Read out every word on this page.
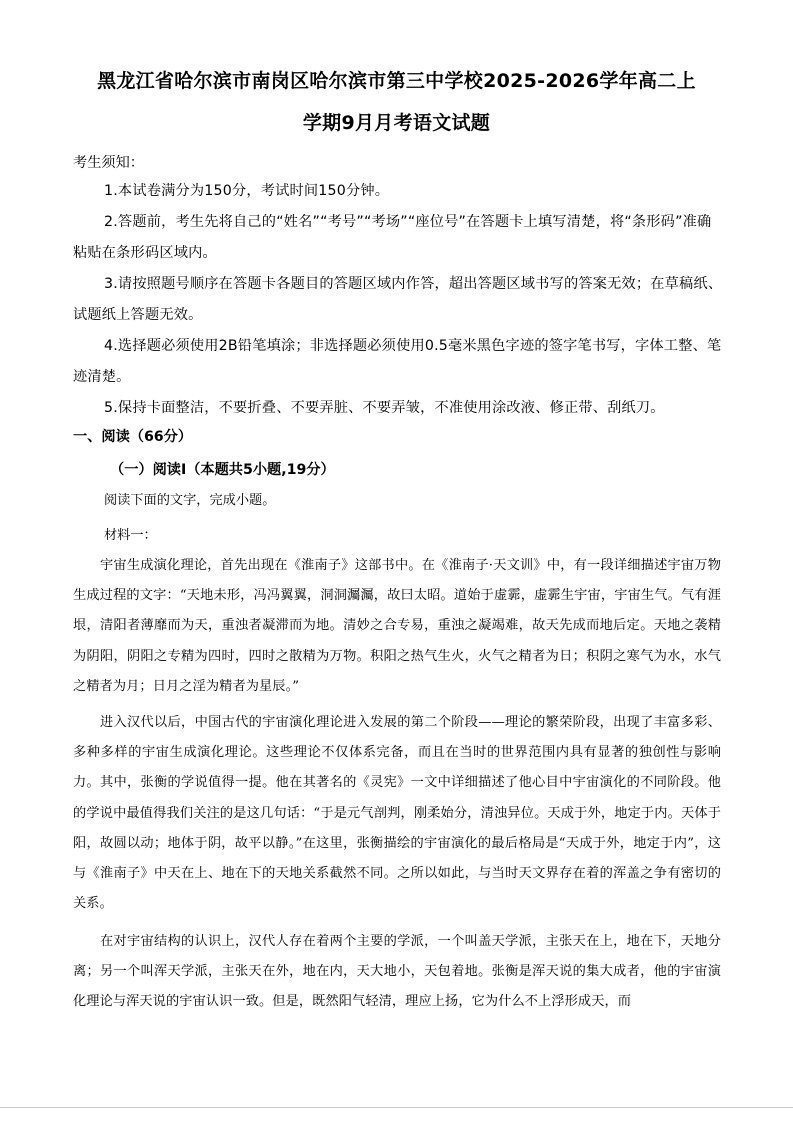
黑龙江省哈尔滨市南岗区哈尔滨市第三中学校2025-2026学年高二上
学期9月月考语文试题
考生须知：
1.本试卷满分为150分，考试时间150分钟。
2.答题前，考生先将自己的“姓名”“考号”“考场”“座位号”在答题卡上填写清楚，将“条形码”准确粘贴在条形码区域内。
3.请按照题号顺序在答题卡各题目的答题区域内作答，超出答题区域书写的答案无效；在草稿纸、试题纸上答题无效。
4.选择题必须使用2B铅笔填涂；非选择题必须使用0.5毫米黑色字迹的签字笔书写，字体工整、笔迹清楚。
5.保持卡面整洁，不要折叠、不要弄脏、不要弄皱，不准使用涂改液、修正带、刮纸刀。
一、阅读（66分）
（一）阅读Ⅰ（本题共5小题,19分）
阅读下面的文字，完成小题。
材料一：
宇宙生成演化理论，首先出现在《淮南子》这部书中。在《淮南子·天文训》中，有一段详细描述宇宙万物生成过程的文字：“天地未形，冯冯翼翼，洞洞灟灟，故曰太昭。道始于虚霩，虚霩生宇宙，宇宙生气。气有涯垠，清阳者薄靡而为天，重浊者凝滞而为地。清妙之合专易，重浊之凝竭难，故天先成而地后定。天地之袭精为阴阳，阴阳之专精为四时，四时之散精为万物。积阳之热气生火，火气之精者为日；积阴之寒气为水，水气之精者为月；日月之淫为精者为星辰。”
进入汉代以后，中国古代的宇宙演化理论进入发展的第二个阶段——理论的繁荣阶段，出现了丰富多彩、多种多样的宇宙生成演化理论。这些理论不仅体系完备，而且在当时的世界范围内具有显著的独创性与影响力。其中，张衡的学说值得一提。他在其著名的《灵宪》一文中详细描述了他心目中宇宙演化的不同阶段。他的学说中最值得我们关注的是这几句话：“于是元气剖判，刚柔始分，清浊异位。天成于外，地定于内。天体于阳，故圆以动；地体于阴，故平以静。”在这里，张衡描绘的宇宙演化的最后格局是“天成于外，地定于内”，这与《淮南子》中天在上、地在下的天地关系截然不同。之所以如此，与当时天文界存在着的浑盖之争有密切的关系。
在对宇宙结构的认识上，汉代人存在着两个主要的学派，一个叫盖天学派，主张天在上，地在下，天地分离；另一个叫浑天学派，主张天在外，地在内，天大地小，天包着地。张衡是浑天说的集大成者，他的宇宙演化理论与浑天说的宇宙认识一致。但是，既然阳气轻清，理应上扬，它为什么不上浮形成天，而
